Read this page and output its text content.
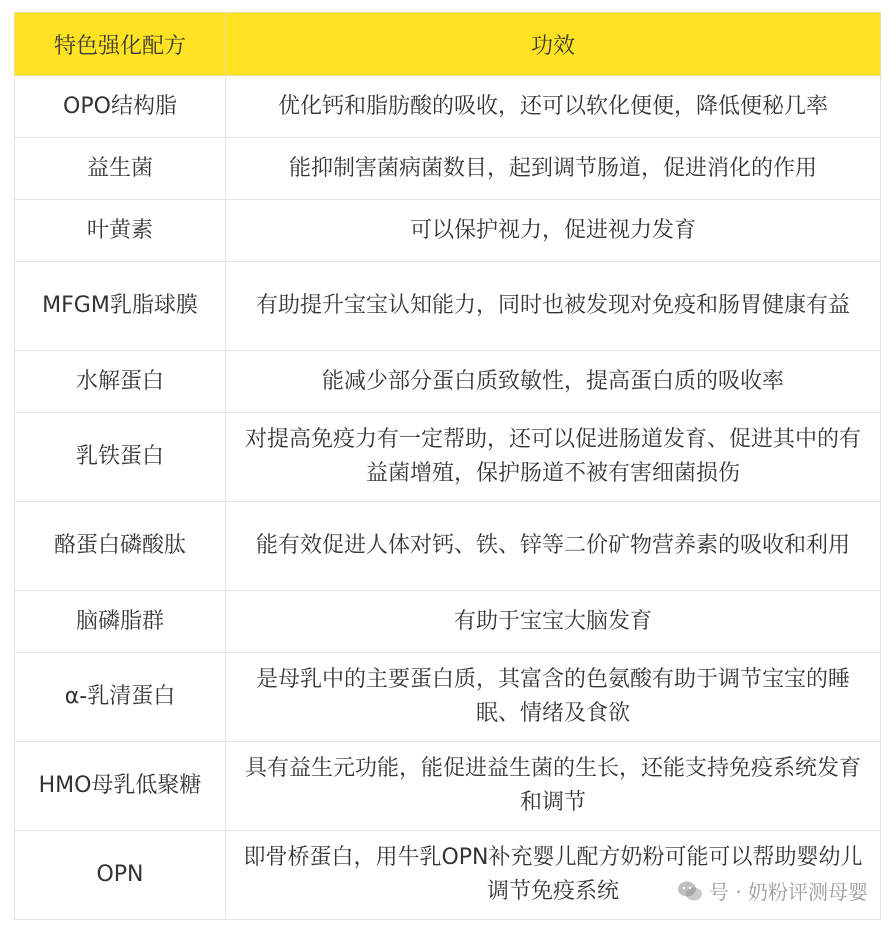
特色强化配方	功效
OPO结构脂	优化钙和脂肪酸的吸收，还可以软化便便，降低便秘几率
益生菌	能抑制害菌病菌数目，起到调节肠道，促进消化的作用
叶黄素	可以保护视力，促进视力发育
MFGM乳脂球膜	有助提升宝宝认知能力，同时也被发现对免疫和肠胃健康有益
水解蛋白	能减少部分蛋白质致敏性，提高蛋白质的吸收率
乳铁蛋白	对提高免疫力有一定帮助，还可以促进肠道发育、促进其中的有益菌增殖，保护肠道不被有害细菌损伤
酪蛋白磷酸肽	能有效促进人体对钙、铁、锌等二价矿物营养素的吸收和利用
脑磷脂群	有助于宝宝大脑发育
α-乳清蛋白	是母乳中的主要蛋白质，其富含的色氨酸有助于调节宝宝的睡眠、情绪及食欲
HMO母乳低聚糖	具有益生元功能，能促进益生菌的生长，还能支持免疫系统发育和调节
OPN	即骨桥蛋白，用牛乳OPN补充婴儿配方奶粉可能可以帮助婴幼儿调节免疫系统	号 · 奶粉评测母婴
